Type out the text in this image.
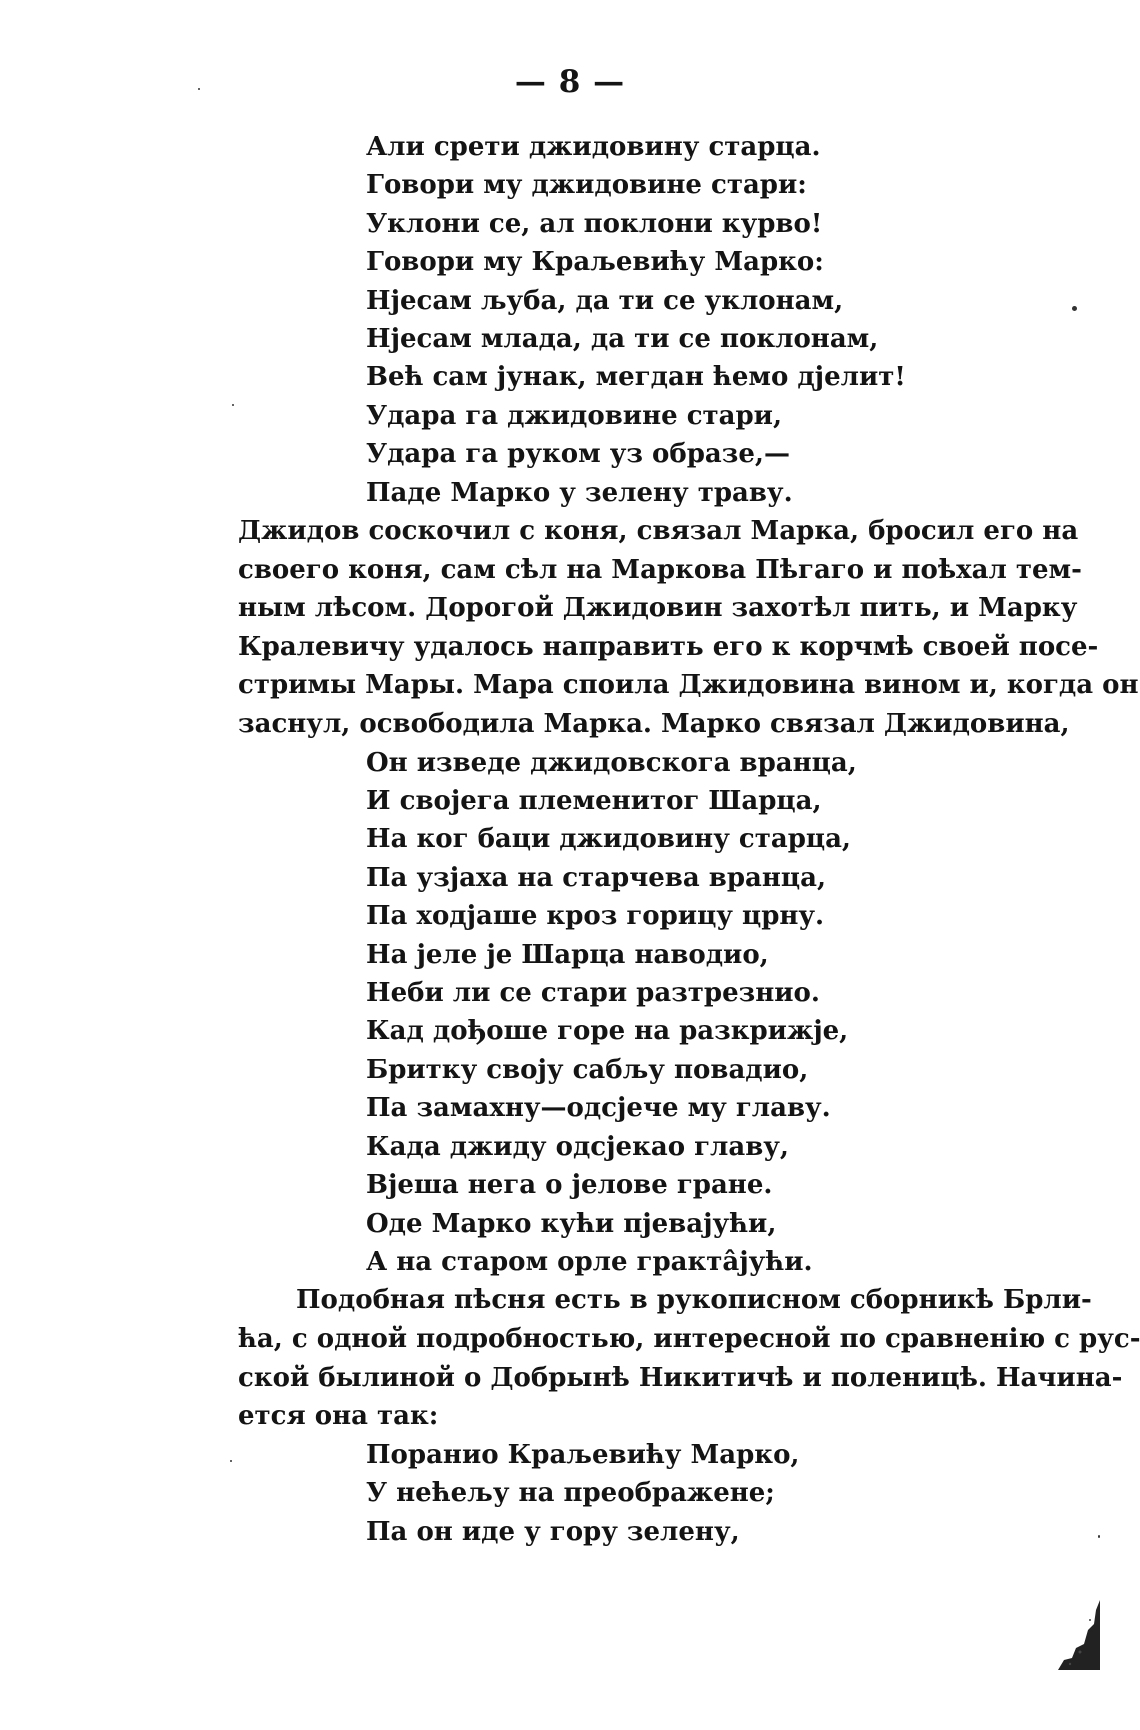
— 8 —
Али срети джидовину старца.
Говори му джидовине стари:
Уклони се, ал поклони курво!
Говори му Краљевићу Марко:
Нјесам љуба, да ти се уклонам,
Нјесам млада, да ти се поклонам,
Већ сам јунак, мегдан ћемо дјелит!
Удара га джидовине стари,
Удара га руком уз образе,—
Паде Марко у зелену траву.
Джидов соскочил с коня, связал Марка, бросил его на
своего коня, сам сѣл на Маркова Пѣгаго и поѣхал тем-
ным лѣсом. Дорогой Джидовин захотѣл пить, и Марку
Кралевичу удалось направить его к корчмѣ своей посе-
стримы Мары. Мара споила Джидовина вином и, когда он
заснул, освободила Марка. Марко связал Джидовина,
Он изведе джидовскога вранца,
И својега племенитог Шарца,
На ког баци джидовину старца,
Па узјаха на старчева вранца,
Па ходјаше кроз горицу црну.
На јеле је Шарца наводио,
Неби ли се стари разтрезнио.
Кад дођоше горе на разкрижје,
Бритку своју сабљу повадио,
Па замахну—одсјече му главу.
Када джиду одсјекао главу,
Вјеша нега о јелове гране.
Оде Марко кући пјевајући,
А на старом орле гракта̂јући.
Подобная пѣсня есть в рукописном сборникѣ Брли-
ћа, с одной подробностью, интересной по сравненію с рус-
ской былиной о Добрынѣ Никитичѣ и поленицѣ. Начина-
ется она так:
Поранио Краљевићу Марко,
У нећељу на преображене;
Па он иде у гору зелену,
